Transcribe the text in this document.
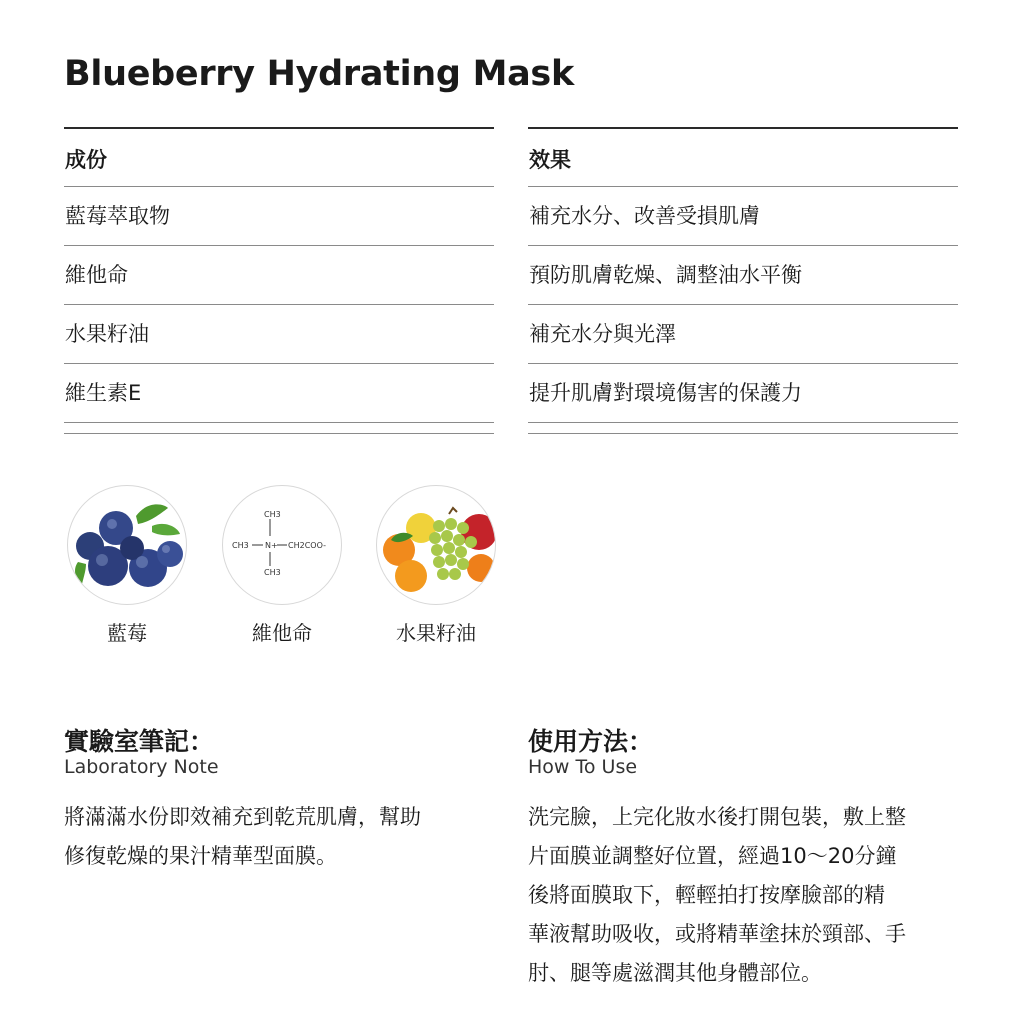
Blueberry Hydrating Mask
成份
藍莓萃取物
維他命
水果籽油
維生素E
效果
補充水分、改善受損肌膚
預防肌膚乾燥、調整油水平衡
補充水分與光澤
提升肌膚對環境傷害的保護力
藍莓
CH3
CH3 N+ CH2COO-
CH3
維他命	水果籽油
實驗室筆記：
Laboratory Note
將滿滿水份即效補充到乾荒肌膚，幫助
修復乾燥的果汁精華型面膜。
使用方法：
How To Use
洗完臉，上完化妝水後打開包裝，敷上整
片面膜並調整好位置，經過10～20分鐘
後將面膜取下，輕輕拍打按摩臉部的精
華液幫助吸收，或將精華塗抹於頸部、手
肘、腿等處滋潤其他身體部位。
